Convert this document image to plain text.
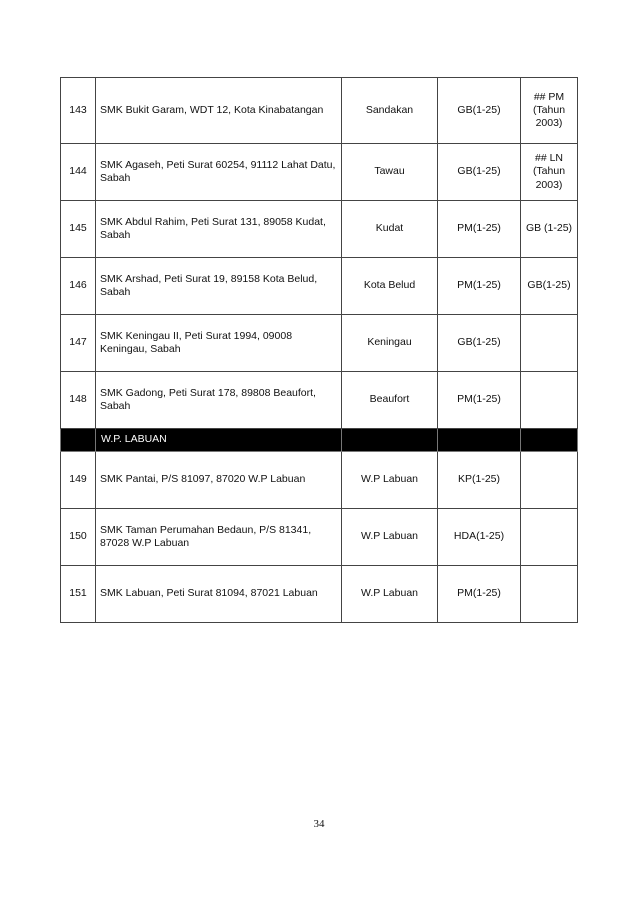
143	SMK Bukit Garam, WDT 12, Kota Kinabatangan	Sandakan	GB(1-25)	## PM (Tahun 2003)
144	SMK Agaseh, Peti Surat 60254, 91112 Lahat Datu, Sabah	Tawau	GB(1-25)	## LN (Tahun 2003)
145	SMK Abdul Rahim, Peti Surat 131, 89058 Kudat, Sabah	Kudat	PM(1-25)	GB (1-25)
146	SMK Arshad, Peti Surat 19, 89158 Kota Belud, Sabah	Kota Belud	PM(1-25)	GB(1-25)
147	SMK Keningau II, Peti Surat 1994, 09008 Keningau, Sabah	Keningau	GB(1-25)	
148	SMK Gadong, Peti Surat 178, 89808 Beaufort, Sabah	Beaufort	PM(1-25)	
	W.P. LABUAN			
149	SMK Pantai, P/S 81097, 87020 W.P Labuan	W.P Labuan	KP(1-25)	
150	SMK Taman Perumahan Bedaun, P/S 81341, 87028 W.P Labuan	W.P Labuan	HDA(1-25)	
151	SMK Labuan, Peti Surat 81094, 87021 Labuan	W.P Labuan	PM(1-25)	
34
